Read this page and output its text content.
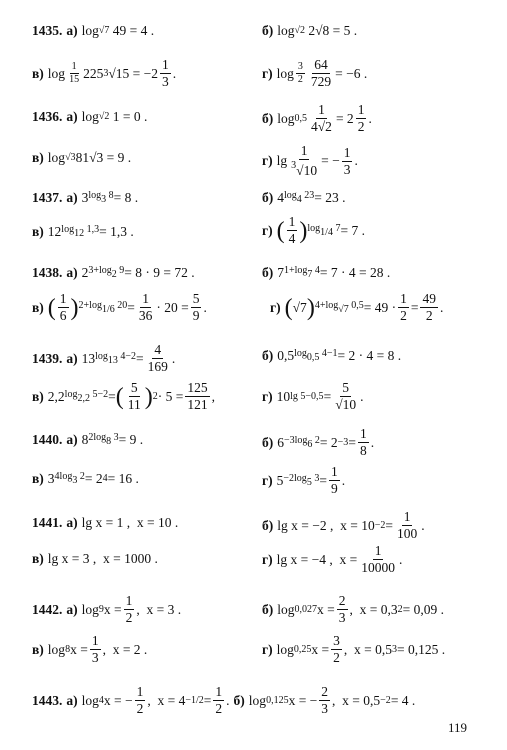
1435. а) log √7 49 = 4 .	б) log √2 2√8 = 5 .
в) $\log \frac{1}{15} 225$ 3 $√15 = -2 \frac{1}{3}$ .	г) $\log \frac{3}{2} \frac{64}{729} = -6$ .
1436. а) log √2 1 = 0 .	б) $\log 0,5 \frac{1}{4√2} = 2 \frac{1}{2}$ .
в) log √3 81√3 = 9 .	г) $\lg \frac{1}{^3√10}$ = − $\frac{1}{3}$ .
1437. а) 3 $\log_3 8 = 8$ .	б) 4 $\log_4 23 = 23$ .
в) 12 $\log_{12} 1,3 = 1,3$ .	г) ( $\frac{1}{4}$ ) $\log_{1/4} 7 = 7$ .
1438. а) 2 $3+\log_2$ 9 = 8 · 9 = 72 .	б) 7 $1+\log_7$ 4 = 7 · 4 = 28 .
в) ( $\frac{1}{6}$ ) $2+\log_{1/6}$ $20 = \frac{1}{36} \cdot 20 = \frac{5}{9}$ .	г) ( √7 ) $4+\log_{√7}$ $0,5 = 49 \cdot \frac{1}{2} = \frac{49}{2}$ .
1439. а) 13 $\log_{13} 4-2 = \frac{4}{169}$ .	б) 0,5 $\log_{0,5} 4-1 = 2 \cdot 4 = 8$ .
в) 2,2 $\log_{2,2} 5-2$ = ( $\frac{5}{11}$ ) $2 \cdot 5 = \frac{125}{121}$ ,	г) 10 $\lg 5-0,5 = \frac{5}{√10}$ .
1440. а) 8 $2\log_8$ 3 = 9 .	б) $6 -3\log_6$ $2 = 2 -3 = \frac{1}{8}$ .
в) 3 $4\log_3$ 2 = 2 4 = 16 .	г) $5 -2\log_5$ $3 = \frac{1}{9}$ .
1441. а) lg x = 1 ,  x = 10 .	б) lg x = −2 ,  $x = 10 -2 = \frac{1}{100}$ .
в) lg x = 3 ,  x = 1000 .	г) lg x = −4 ,  $x = \frac{1}{10000}$ .
1442. а) log 9 $x = \frac{1}{2}$ ,  x = 3 .	б) log 0,027 $x = \frac{2}{3}$ ,  x = 0,3 2 = 0,09 .
в) log 8 $x = \frac{1}{3}$ ,  x = 2 .	г) log 0,25 $x = \frac{3}{2}$ ,  x = 0,5 3 = 0,125 .
1443. а) log 4 x = − $\frac{1}{2}$ ,  $x = 4 -1/2 = \frac{1}{2}$ . б) log 0,125 x = − $\frac{2}{3}$ ,  x = 0,5 −2 = 4 .
119
